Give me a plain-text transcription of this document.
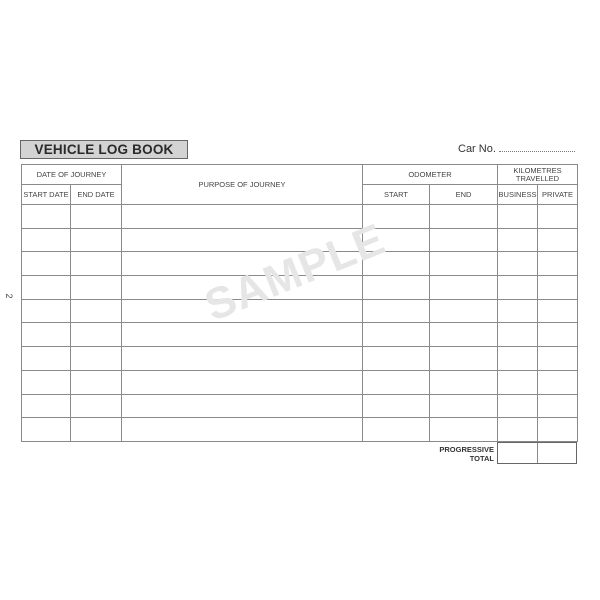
VEHICLE LOG BOOK	Car No.
2
DATE OF JOURNEY		PURPOSE OF JOURNEY	ODOMETER		KILOMETRES TRAVELLED	
START DATE	END DATE		START	END	BUSINESS	PRIVATE

SAMPLE
PROGRESSIVE TOTAL
